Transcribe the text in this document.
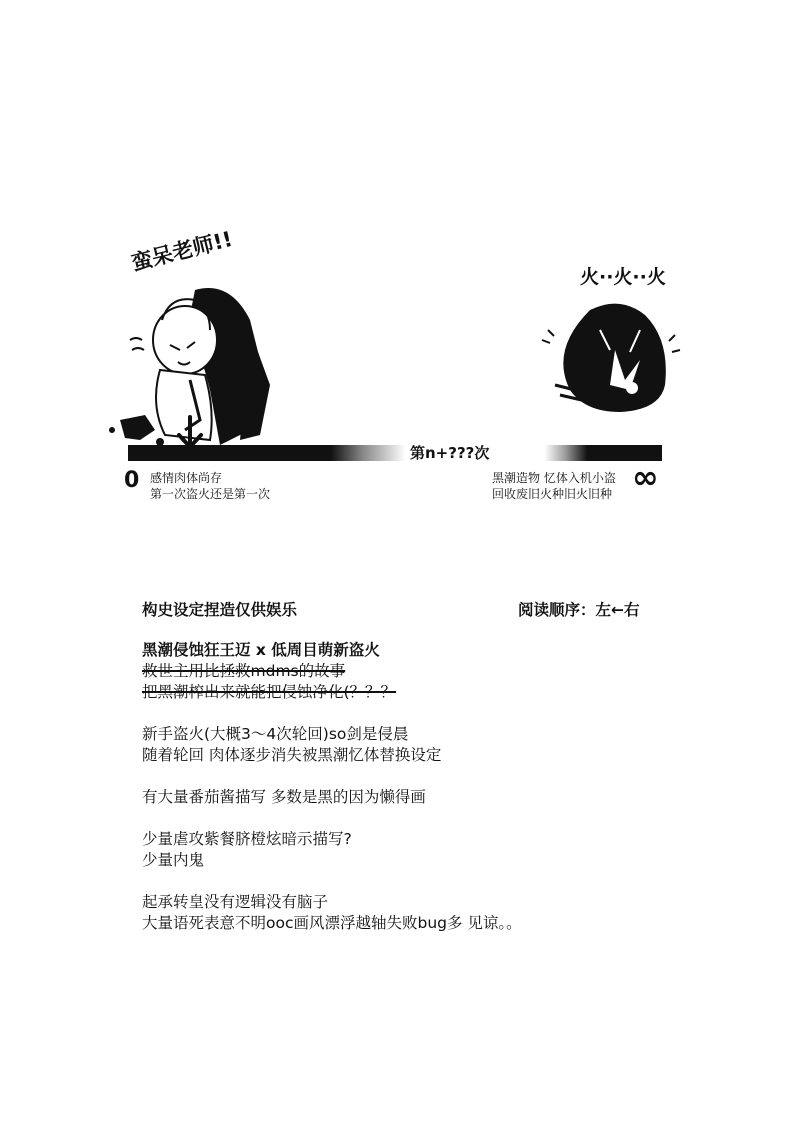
蛮呆老师!!
火··火··火
第n+???次
0 感情肉体尚存
第一次盗火还是第一次
黑潮造物 忆体入机小盗
回收废旧火种旧火旧种 ∞
构史设定捏造仅供娱乐	阅读顺序：左←右
黑潮侵蚀狂王迈 x 低周目萌新盗火
救世主用比拯救mdms的故事
把黑潮榨出来就能把侵蚀净化(？？？
新手盗火(大概3～4次轮回)so剑是侵晨
随着轮回 肉体逐步消失被黑潮忆体替换设定
有大量番茄酱描写 多数是黑的因为懒得画
少量虐攻紫餐脐橙炫暗示描写?
少量内鬼
起承转皇没有逻辑没有脑子
大量语死表意不明ooc画风漂浮越轴失败bug多 见谅。。
